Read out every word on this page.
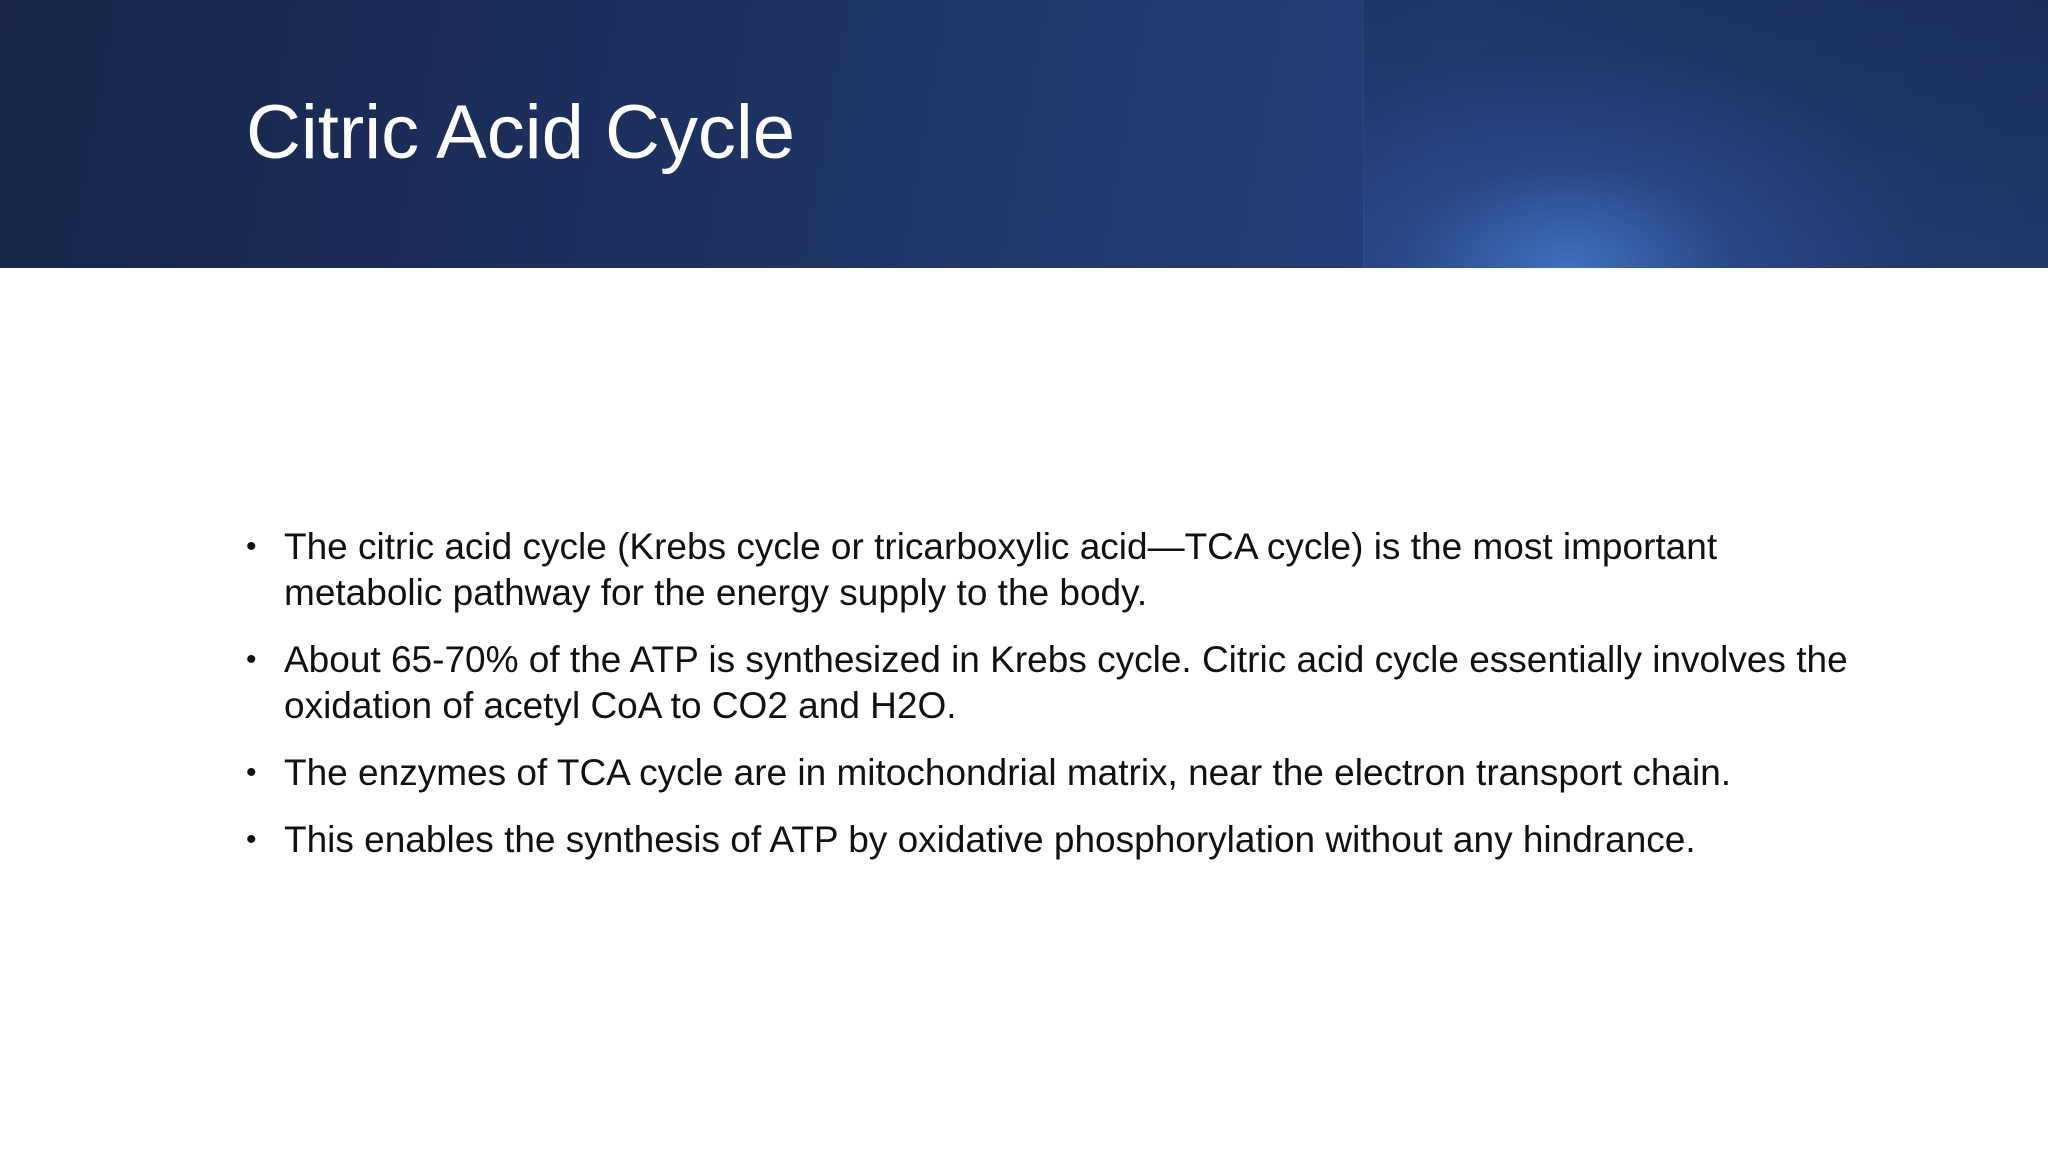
Citric Acid Cycle
• The citric acid cycle (Krebs cycle or tricarboxylic acid—TCA cycle) is the most important metabolic pathway for the energy supply to the body.
• About 65-70% of the ATP is synthesized in Krebs cycle. Citric acid cycle essentially involves the oxidation of acetyl CoA to CO2 and H2O.
• The enzymes of TCA cycle are in mitochondrial matrix, near the electron transport chain.
• This enables the synthesis of ATP by oxidative phosphorylation without any hindrance.
